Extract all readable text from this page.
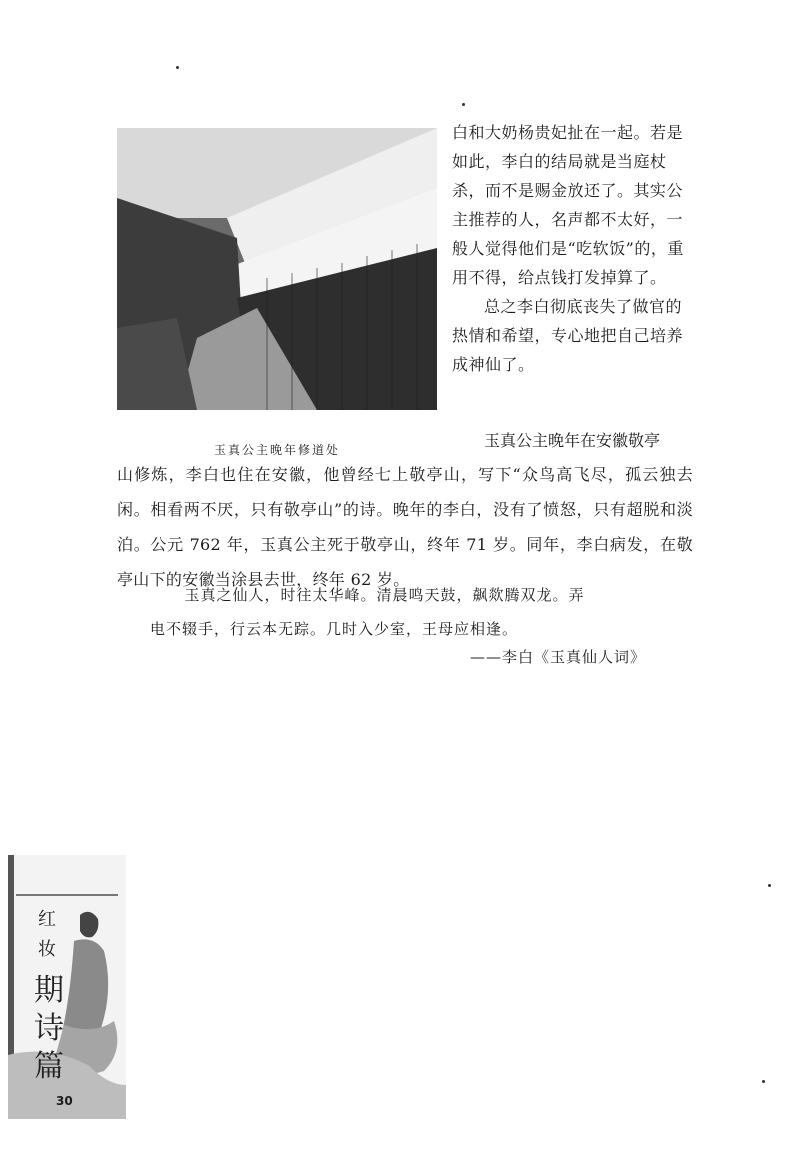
玉真公主晚年修道处

白和大奶杨贵妃扯在一起。若是如此，李白的结局就是当庭杖杀，而不是赐金放还了。其实公主推荐的人，名声都不太好，一般人觉得他们是“吃软饭”的，重用不得，给点钱打发掉算了。

总之李白彻底丧失了做官的热情和希望，专心地把自己培养成神仙了。

玉真公主晚年在安徽敬亭
山修炼，李白也住在安徽，他曾经七上敬亭山，写下“众鸟高飞尽，孤云独去闲。相看两不厌，只有敬亭山”的诗。晚年的李白，没有了愤怒，只有超脱和淡泊。公元 762 年，玉真公主死于敬亭山，终年 71 岁。同年，李白病发，在敬亭山下的安徽当涂县去世，终年 62 岁。

玉真之仙人，时往太华峰。清晨鸣天鼓，飙欻腾双龙。弄

电不辍手，行云本无踪。几时入少室，王母应相逢。

——李白《玉真仙人词》
红
妆
期
诗
篇
30
